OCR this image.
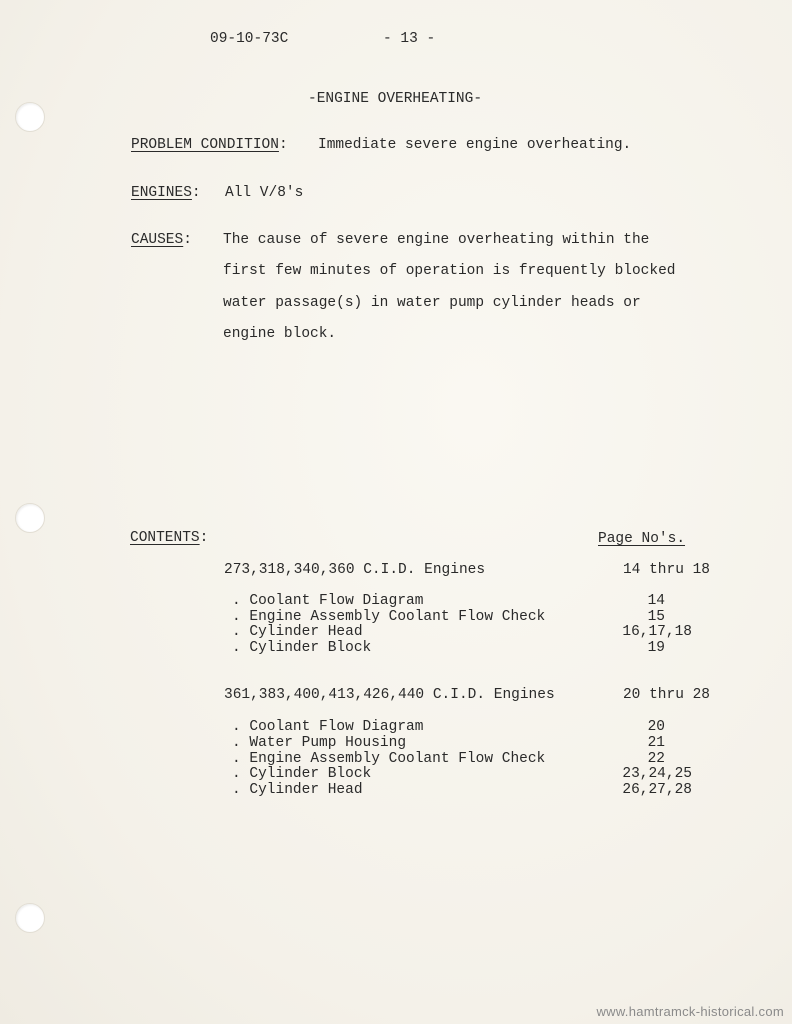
09-10-73C	- 13 -
-ENGINE OVERHEATING-
PROBLEM CONDITION: Immediate severe engine overheating.
ENGINES: All V/8's
CAUSES: The cause of severe engine overheating within the
first few minutes of operation is frequently blocked
water passage(s) in water pump cylinder heads or
engine block.
CONTENTS:	Page No's.
273,318,340,360 C.I.D. Engines	14 thru 18
. Coolant Flow Diagram	14
. Engine Assembly Coolant Flow Check	15
. Cylinder Head	16,17,18
. Cylinder Block	19
361,383,400,413,426,440 C.I.D. Engines	20 thru 28
. Coolant Flow Diagram	20
. Water Pump Housing	21
. Engine Assembly Coolant Flow Check	22
. Cylinder Block	23,24,25
. Cylinder Head	26,27,28
www.hamtramck-historical.com
